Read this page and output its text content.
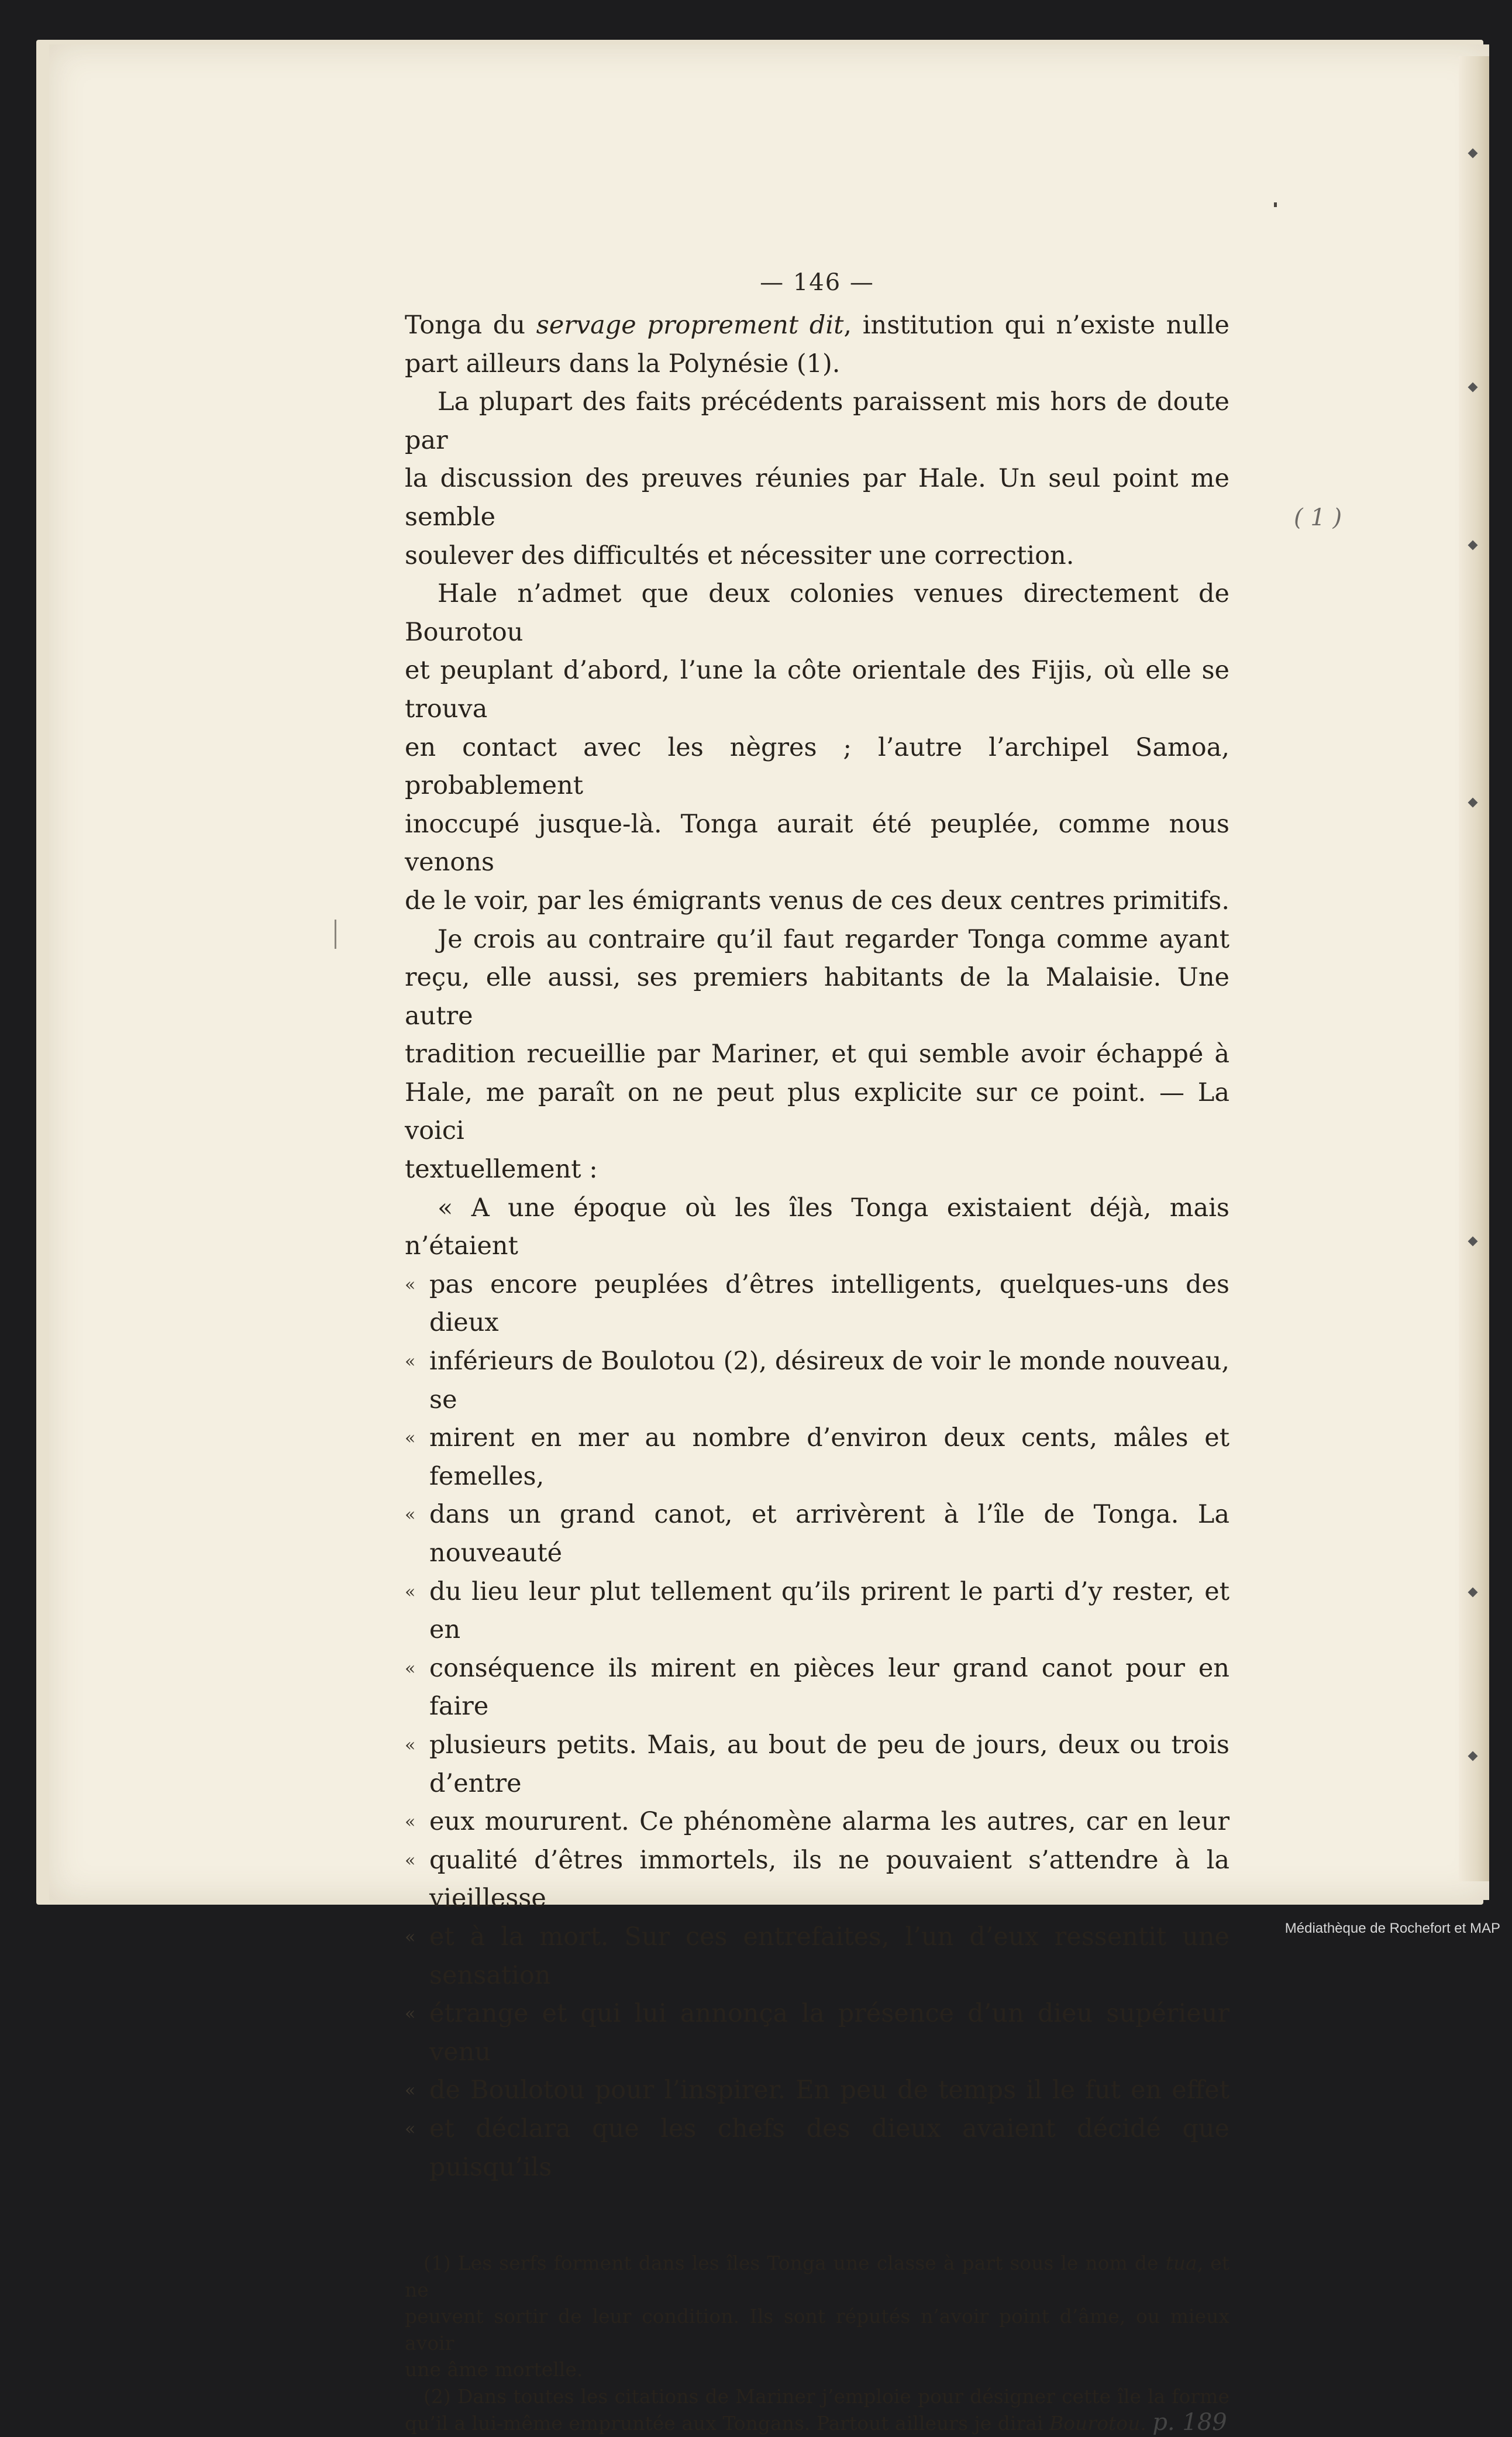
( 1 )
— 146 —

Tonga du servage proprement dit, institution qui n’existe nulle

part ailleurs dans la Polynésie (1).

La plupart des faits précédents paraissent mis hors de doute par

la discussion des preuves réunies par Hale. Un seul point me semble

soulever des difficultés et nécessiter une correction.

Hale n’admet que deux colonies venues directement de Bourotou

et peuplant d’abord, l’une la côte orientale des Fijis, où elle se trouva

en contact avec les nègres ; l’autre l’archipel Samoa, probablement

inoccupé jusque-là. Tonga aurait été peuplée, comme nous venons

de le voir, par les émigrants venus de ces deux centres primitifs.

Je crois au contraire qu’il faut regarder Tonga comme ayant

reçu, elle aussi, ses premiers habitants de la Malaisie. Une autre

tradition recueillie par Mariner, et qui semble avoir échappé à

Hale, me paraît on ne peut plus explicite sur ce point. — La voici

textuellement :

« A une époque où les îles Tonga existaient déjà, mais n’étaient

« pas encore peuplées d’êtres intelligents, quelques-uns des dieux
« inférieurs de Boulotou (2), désireux de voir le monde nouveau, se
« mirent en mer au nombre d’environ deux cents, mâles et femelles,
« dans un grand canot, et arrivèrent à l’île de Tonga. La nouveauté
« du lieu leur plut tellement qu’ils prirent le parti d’y rester, et en
« conséquence ils mirent en pièces leur grand canot pour en faire
« plusieurs petits. Mais, au bout de peu de jours, deux ou trois d’entre
« eux moururent. Ce phénomène alarma les autres, car en leur
« qualité d’êtres immortels, ils ne pouvaient s’attendre à la vieillesse
« et à la mort. Sur ces entrefaites, l’un d’eux ressentit une sensation
« étrange et qui lui annonça la présence d’un dieu supérieur venu
« de Boulotou pour l’inspirer. En peu de temps il le fut en effet
« et déclara que les chefs des dieux avaient décidé que puisqu’ils

(1) Les serfs forment dans les îles Tonga une classe à part sous le nom de tua, et ne

peuvent sortir de leur condition. Ils sont réputés n’avoir point d’âme, ou mieux avoir

une âme mortelle.

(2) Dans toutes les citations de Mariner j’emploie pour désigner cette île la forme

qu’il a lui-même empruntée aux Tongans. Partout ailleurs je dirai Bourotou. p. 189

Médiathèque de Rochefort et MAP
